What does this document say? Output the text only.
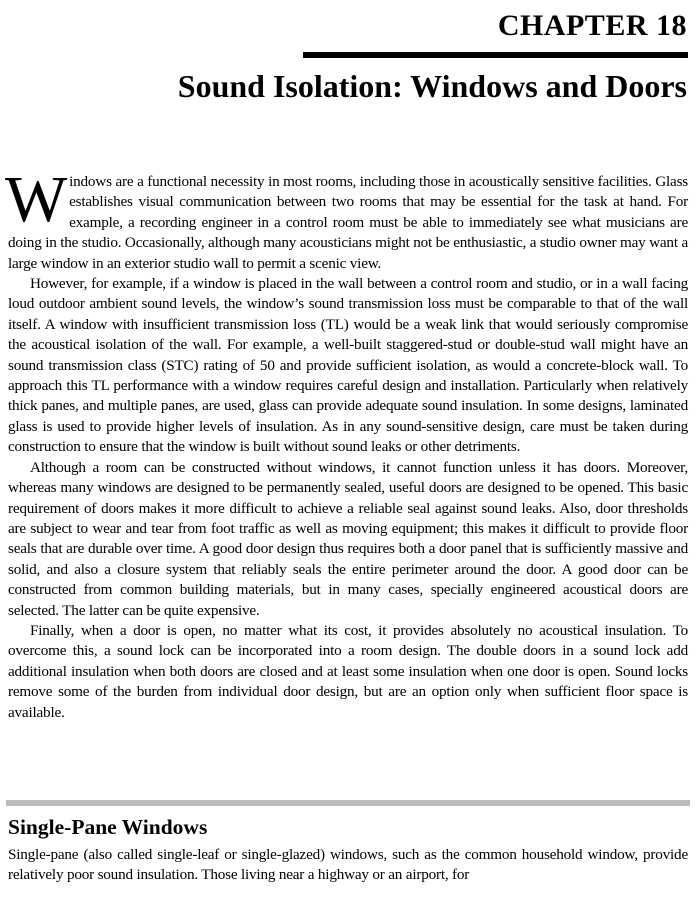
CHAPTER 18
Sound Isolation: Windows and Doors

Windows are a functional necessity in most rooms, including those in acoustically sensitive facilities. Glass establishes visual communication between two rooms that may be essential for the task at hand. For example, a recording engineer in a control room must be able to immediately see what musicians are doing in the studio. Occasionally, although many acousticians might not be enthusiastic, a studio owner may want a large window in an exterior studio wall to permit a scenic view.

However, for example, if a window is placed in the wall between a control room and studio, or in a wall facing loud outdoor ambient sound levels, the window’s sound transmission loss must be comparable to that of the wall itself. A window with insufficient transmission loss (TL) would be a weak link that would seriously compromise the acoustical isolation of the wall. For example, a well-built staggered-stud or double-stud wall might have an sound transmission class (STC) rating of 50 and provide sufficient isolation, as would a concrete-block wall. To approach this TL performance with a window requires careful design and installation. Particularly when relatively thick panes, and multiple panes, are used, glass can provide adequate sound insulation. In some designs, laminated glass is used to provide higher levels of insulation. As in any sound-sensitive design, care must be taken during construction to ensure that the window is built without sound leaks or other detriments.

Although a room can be constructed without windows, it cannot function unless it has doors. Moreover, whereas many windows are designed to be permanently sealed, useful doors are designed to be opened. This basic requirement of doors makes it more difficult to achieve a reliable seal against sound leaks. Also, door thresholds are subject to wear and tear from foot traffic as well as moving equipment; this makes it difficult to provide floor seals that are durable over time. A good door design thus requires both a door panel that is sufficiently massive and solid, and also a closure system that reliably seals the entire perimeter around the door. A good door can be constructed from common building materials, but in many cases, specially engineered acoustical doors are selected. The latter can be quite expensive.

Finally, when a door is open, no matter what its cost, it provides absolutely no acoustical insulation. To overcome this, a sound lock can be incorporated into a room design. The double doors in a sound lock add additional insulation when both doors are closed and at least some insulation when one door is open. Sound locks remove some of the burden from individual door design, but are an option only when sufficient floor space is available.

Single-Pane Windows

Single-pane (also called single-leaf or single-glazed) windows, such as the common household window, provide relatively poor sound insulation. Those living near a highway or an airport, for
